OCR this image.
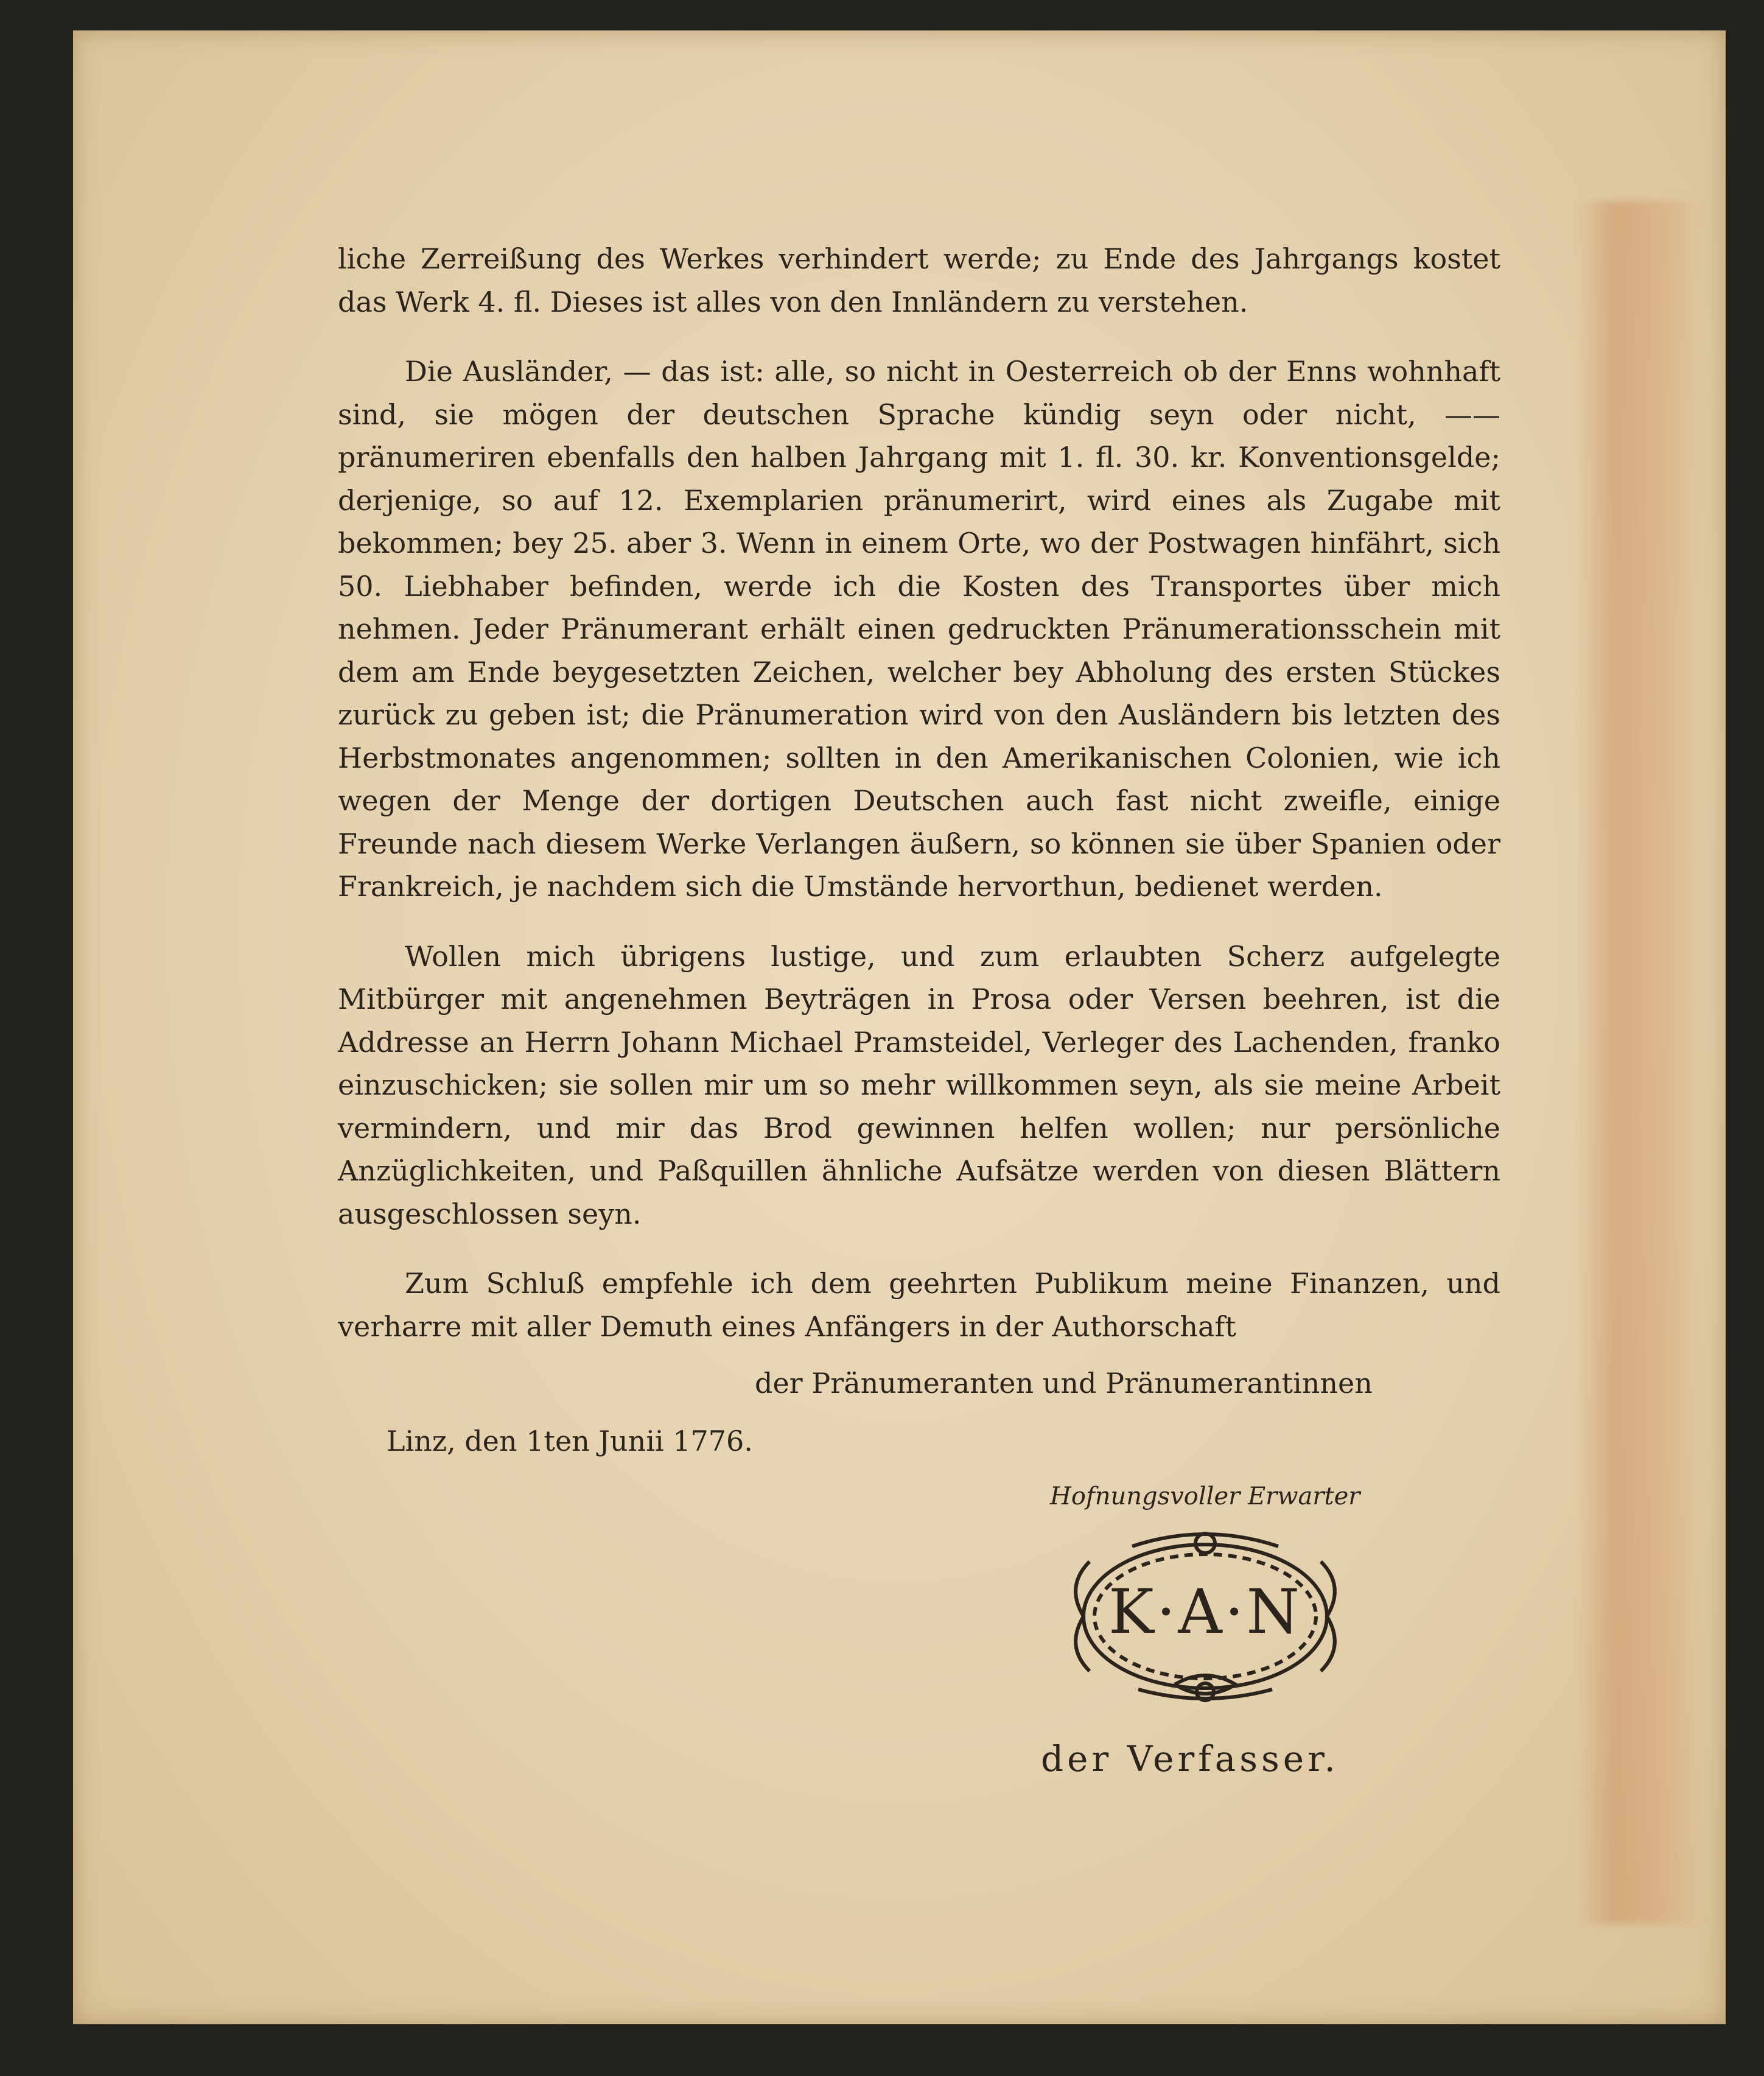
liche Zerreißung des Werkes verhindert werde; zu Ende des Jahrgangs kostet das Werk 4. fl. Dieses ist alles von den Innländern zu verstehen.

Die Ausländer, — das ist: alle, so nicht in Oesterreich ob der Enns wohnhaft sind, sie mögen der deutschen Sprache kündig seyn oder nicht, —— pränumeriren ebenfalls den halben Jahrgang mit 1. fl. 30. kr. Konventionsgelde; derjenige, so auf 12. Exemplarien pränumerirt, wird eines als Zugabe mit bekommen; bey 25. aber 3. Wenn in einem Orte, wo der Postwagen hinfährt, sich 50. Liebhaber befinden, werde ich die Kosten des Transportes über mich nehmen. Jeder Pränumerant erhält einen gedruckten Pränumerationsschein mit dem am Ende beygesetzten Zeichen, welcher bey Abholung des ersten Stückes zurück zu geben ist; die Pränumeration wird von den Ausländern bis letzten des Herbstmonates angenommen; sollten in den Amerikanischen Colonien, wie ich wegen der Menge der dortigen Deutschen auch fast nicht zweifle, einige Freunde nach diesem Werke Verlangen äußern, so können sie über Spanien oder Frankreich, je nachdem sich die Umstände hervorthun, bedienet werden.

Wollen mich übrigens lustige, und zum erlaubten Scherz aufgelegte Mitbürger mit angenehmen Beyträgen in Prosa oder Versen beehren, ist die Addresse an Herrn Johann Michael Pramsteidel, Verleger des Lachenden, franko einzuschicken; sie sollen mir um so mehr willkommen seyn, als sie meine Arbeit vermindern, und mir das Brod gewinnen helfen wollen; nur persönliche Anzüglichkeiten, und Paßquillen ähnliche Aufsätze werden von diesen Blättern ausgeschlossen seyn.

Zum Schluß empfehle ich dem geehrten Publikum meine Finanzen, und verharre mit aller Demuth eines Anfängers in der Authorschaft

der Pränumeranten und Pränumerantinnen
Linz, den 1ten Junii 1776.
Hofnungsvoller Erwarter
K·A·N
der Verfasser.
